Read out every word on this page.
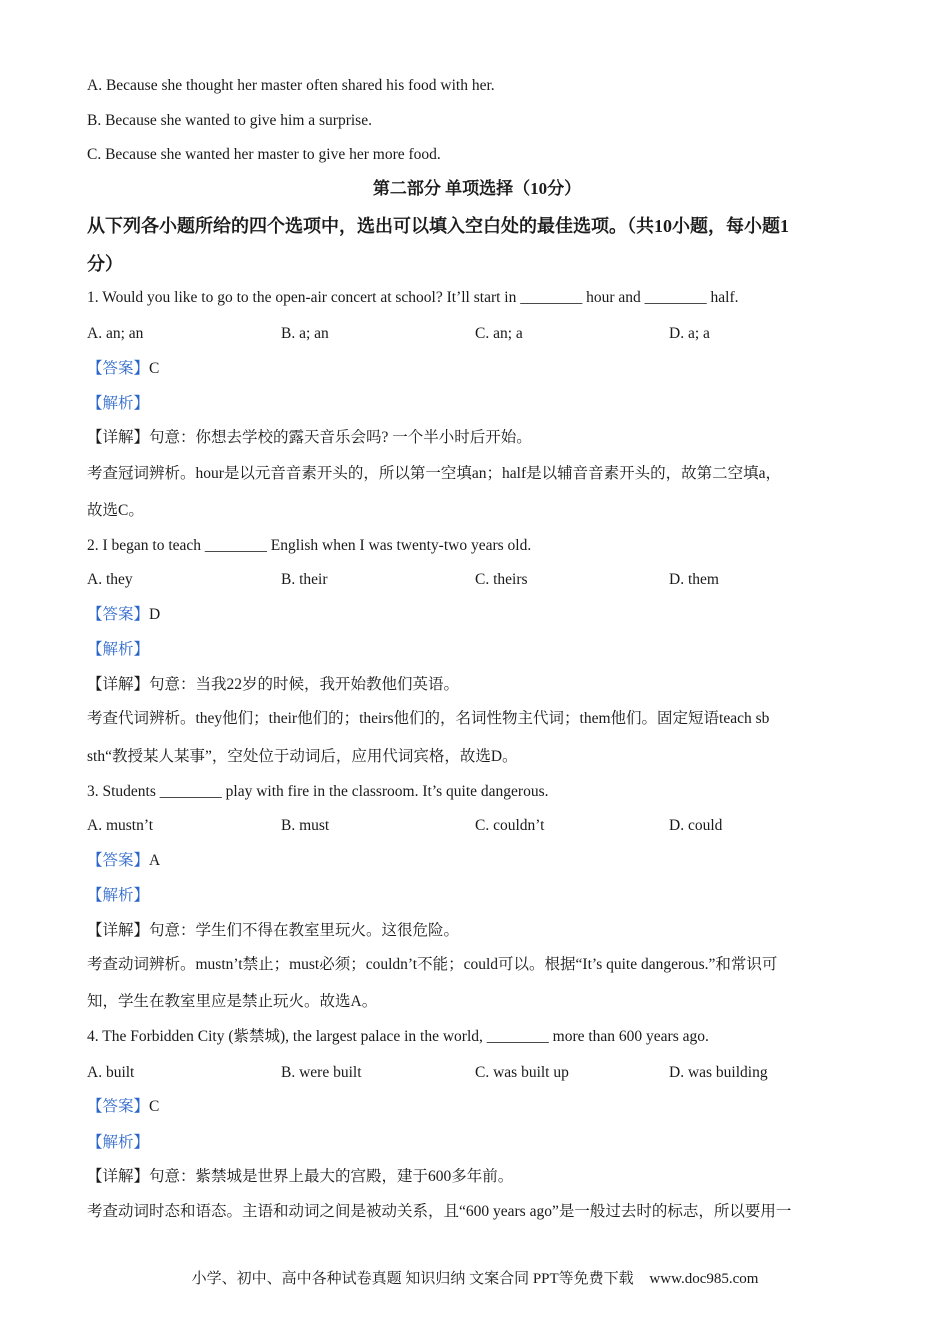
A. Because she thought her master often shared his food with her.
B. Because she wanted to give him a surprise.
C. Because she wanted her master to give her more food.
第二部分 单项选择（10分）
从下列各小题所给的四个选项中，选出可以填入空白处的最佳选项。（共10小题，每小题1
分）
1. Would you like to go to the open-air concert at school? It’ll start in ________ hour and ________ half.
A. an; an	B. a; an	C. an; a	D. a; a
【答案】C
【解析】
【详解】句意：你想去学校的露天音乐会吗? 一个半小时后开始。
考查冠词辨析。hour是以元音音素开头的，所以第一空填an；half是以辅音音素开头的，故第二空填a，
故选C。
2. I began to teach ________ English when I was twenty-two years old.
A. they	B. their	C. theirs	D. them
【答案】D
【解析】
【详解】句意：当我22岁的时候，我开始教他们英语。
考查代词辨析。they他们；their他们的；theirs他们的，名词性物主代词；them他们。固定短语teach sb
sth“教授某人某事”，空处位于动词后，应用代词宾格，故选D。
3. Students ________ play with fire in the classroom. It’s quite dangerous.
A. mustn’t	B. must	C. couldn’t	D. could
【答案】A
【解析】
【详解】句意：学生们不得在教室里玩火。这很危险。
考查动词辨析。mustn’t禁止；must必须；couldn’t不能；could可以。根据“It’s quite dangerous.”和常识可
知，学生在教室里应是禁止玩火。故选A。
4. The Forbidden City (紫禁城), the largest palace in the world, ________ more than 600 years ago.
A. built	B. were built	C. was built up	D. was building
【答案】C
【解析】
【详解】句意：紫禁城是世界上最大的宫殿，建于600多年前。
考查动词时态和语态。主语和动词之间是被动关系，且“600 years ago”是一般过去时的标志，所以要用一
小学、初中、高中各种试卷真题 知识归纳 文案合同 PPT等免费下载 www.doc985.com
